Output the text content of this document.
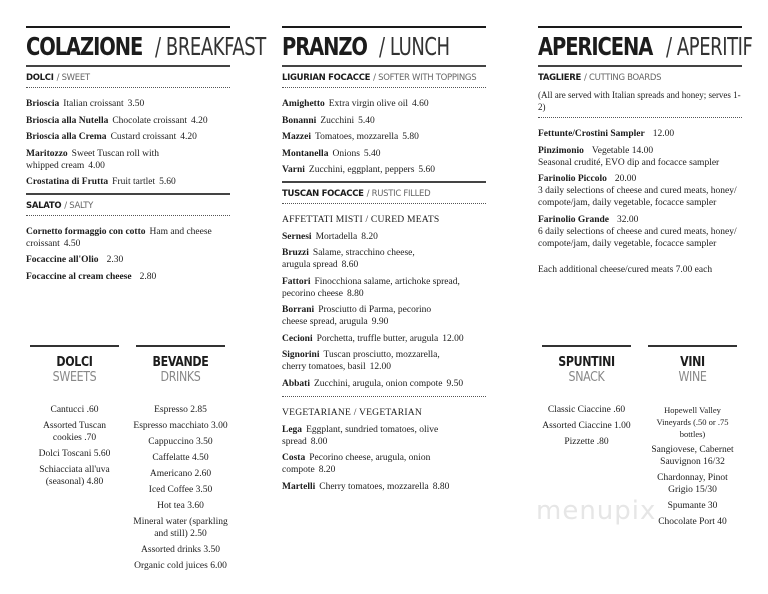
COLAZIONE / BREAKFAST
DOLCI / SWEET
Brioscia Italian croissant 3.50
Brioscia alla Nutella Chocolate croissant 4.20
Brioscia alla Crema Custard croissant 4.20
Maritozzo Sweet Tuscan roll with whipped cream 4.00
Crostatina di Frutta Fruit tartlet 5.60
SALATO / SALTY
Cornetto formaggio con cotto Ham and cheese croissant 4.50
Focaccine all'Olio 2.30
Focaccine al cream cheese 2.80
PRANZO / LUNCH
LIGURIAN FOCACCE / SOFTER WITH TOPPINGS
Amighetto Extra virgin olive oil 4.60
Bonanni Zucchini 5.40
Mazzei Tomatoes, mozzarella 5.80
Montanella Onions 5.40
Varni Zucchini, eggplant, peppers 5.60
TUSCAN FOCACCE / RUSTIC FILLED
AFFETTATI MISTI / CURED MEATS
Sernesi Mortadella 8.20
Bruzzi Salame, stracchino cheese, arugula spread 8.60
Fattori Finocchiona salame, artichoke spread, pecorino cheese 8.80
Borrani Prosciutto di Parma, pecorino cheese spread, arugula 9.90
Cecioni Porchetta, truffle butter, arugula 12.00
Signorini Tuscan prosciutto, mozzarella, cherry tomatoes, basil 12.00
Abbati Zucchini, arugula, onion compote 9.50
VEGETARIANE / VEGETARIAN
Lega Eggplant, sundried tomatoes, olive spread 8.00
Costa Pecorino cheese, arugula, onion compote 8.20
Martelli Cherry tomatoes, mozzarella 8.80
APERICENA / APERITIF
TAGLIERE / CUTTING BOARDS
(All are served with Italian spreads and honey; serves 1-2)
Fettunte/Crostini Sampler 12.00
Pinzimonio Vegetable 14.00
Seasonal crudité, EVO dip and focacce sampler
Farinolio Piccolo 20.00
3 daily selections of cheese and cured meats, honey/ compote/jam, daily vegetable, focacce sampler
Farinolio Grande 32.00
6 daily selections of cheese and cured meats, honey/ compote/jam, daily vegetable, focacce sampler
Each additional cheese/cured meats 7.00 each
DOLCI
SWEETS
Cantucci .60
Assorted Tuscan cookies .70
Dolci Toscani 5.60
Schiacciata all'uva (seasonal) 4.80
BEVANDE
DRINKS
Espresso 2.85
Espresso macchiato 3.00
Cappuccino 3.50
Caffelatte 4.50
Americano 2.60
Iced Coffee 3.50
Hot tea 3.60
Mineral water (sparkling and still) 2.50
Assorted drinks 3.50
Organic cold juices 6.00
SPUNTINI
SNACK
Classic Ciaccine .60
Assorted Ciaccine 1.00
Pizzette .80
VINI
WINE
Hopewell Valley Vineyards (.50 or .75 bottles)
Sangiovese, Cabernet Sauvignon 16/32
Chardonnay, Pinot Grigio 15/30
Spumante 30
Chocolate Port 40
menupix
